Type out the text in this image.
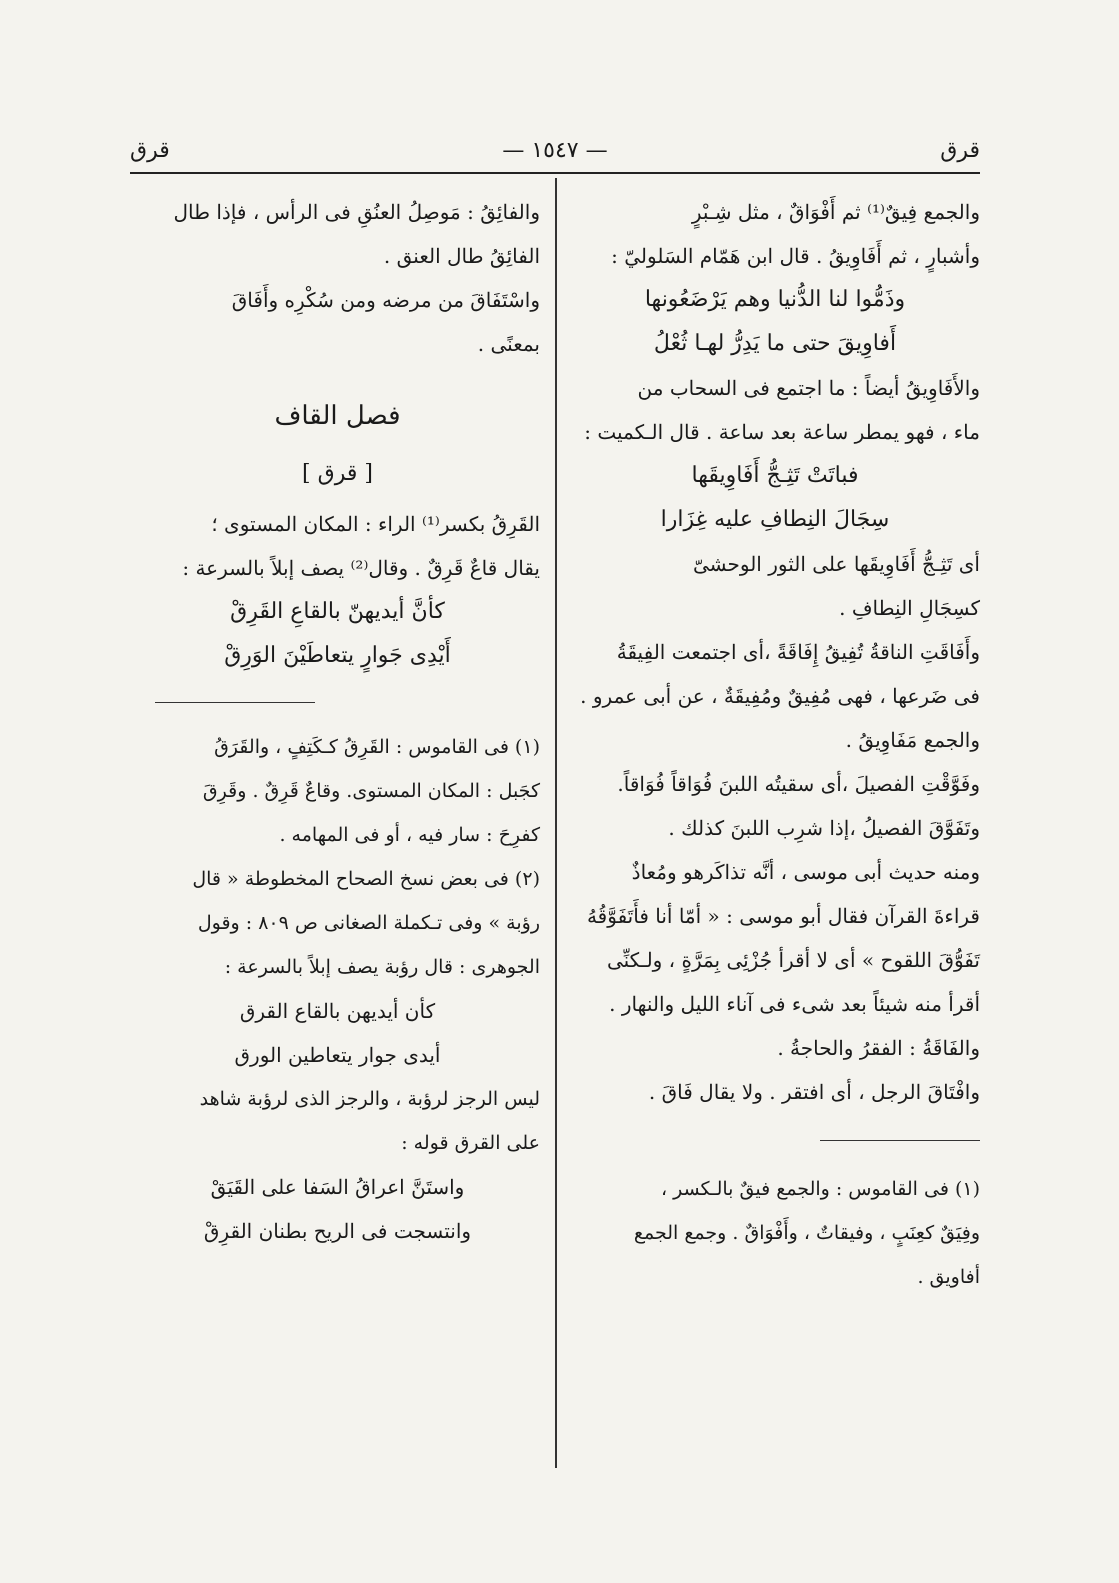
قرق	— ١٥٤٧ —	قرق

والجمع فِيقٌ⁽¹⁾ ثم أَفْوَاقٌ ، مثل شِـبْرٍ

وأشبارٍ ، ثم أَفَاوِيقُ . قال ابن هَمّام السَلوليّ :

وذَمُّوا لنا الدُّنيا وهم يَرْضَعُونها

أَفاوِيقَ حتى ما يَدِرُّ لهـا ثُعْلُ

والأَفَاوِيقُ أيضاً : ما اجتمع فى السحاب من

ماء ، فهو يمطر ساعة بعد ساعة . قال الـكميت :

فباتَتْ تَثِـجُّ أَفَاوِيقَها

سِجَالَ النِطافِ عليه غِزَارا

أى تَثِـجُّ أَفَاوِيقَها على الثور الوحشىّ

كسِجَالِ النِطافِ .

وأَفَاقَتِ الناقةُ تُفِيقُ إِفَاقَةً ،أى اجتمعت الفِيقَةُ

فى ضَرعها ، فهى مُفِيقٌ ومُفِيقَةٌ ، عن أبى عمرو .

والجمع مَفَاوِيقُ .

وفَوَّقْتِ الفصيلَ ،أى سقيتُه اللبنَ فُوَاقاً فُوَاقاً.

وتَفَوَّقَ الفصيلُ ،إذا شرِب اللبنَ كذلك .

ومنه حديث أبى موسى ، أنَّه تذاكَرهو ومُعاذٌ

قراءةَ القرآن فقال أبو موسى : « أمّا أنا فأَتَفَوَّقُهُ

تَفَوُّقَ اللقوح » أى لا أقرأ جُزْئِى بِمَرَّةٍ ، ولـكنِّى

أقرأ منه شيئاً بعد شىء فى آناء الليل والنهار .

والفَاقَةُ : الفقرُ والحاجةُ .

وافْتَاقَ الرجل ، أى افتقر . ولا يقال فَاقَ .

(١) فى القاموس : والجمع فيقٌ بالـكسر ،

وفِيَقٌ كعِنَبٍ ، وفيقاتٌ ، وأَفْوَاقٌ . وجمع الجمع

أفاويق .

والفائِقُ : مَوصِلُ العنُقِ فى الرأس ، فإذا طال

الفائِقُ طال العنق .

واسْتَفَاقَ من مرضه ومن سُكْرِه وأَفَاقَ

بمعنًى .

فصل القاف

[ قرق ]

القَرِقُ بكسر⁽¹⁾ الراء : المكان المستوى ؛

يقال قاعٌ قَرِقٌ . وقال⁽²⁾ يصف إبلاً بالسرعة :

كأنَّ أيديهنّ بالقاعِ القَرِقْ

أَيْدِى جَوارٍ يتعاطَيْنَ الوَرِقْ

(١) فى القاموس : القَرِقُ كـكَتِفٍ ، والقَرَقُ

كجَبل : المكان المستوى. وقاعٌ قَرِقٌ . وقَرِقَ

كفرِحَ : سار فيه ، أو فى المهامه .

(٢) فى بعض نسخ الصحاح المخطوطة « قال

رؤبة » وفى تـكملة الصغانى ص ٨٠٩ : وقول

الجوهرى : قال رؤبة يصف إبلاً بالسرعة :

كأن أيديهن بالقاع القرق

أيدى جوار يتعاطين الورق

ليس الرجز لرؤبة ، والرجز الذى لرؤبة شاهد

على القرق قوله :

واستَنَّ اعراقُ السَفا على القَيَقْ

وانتسجت فى الريح بطنان القرِقْ
